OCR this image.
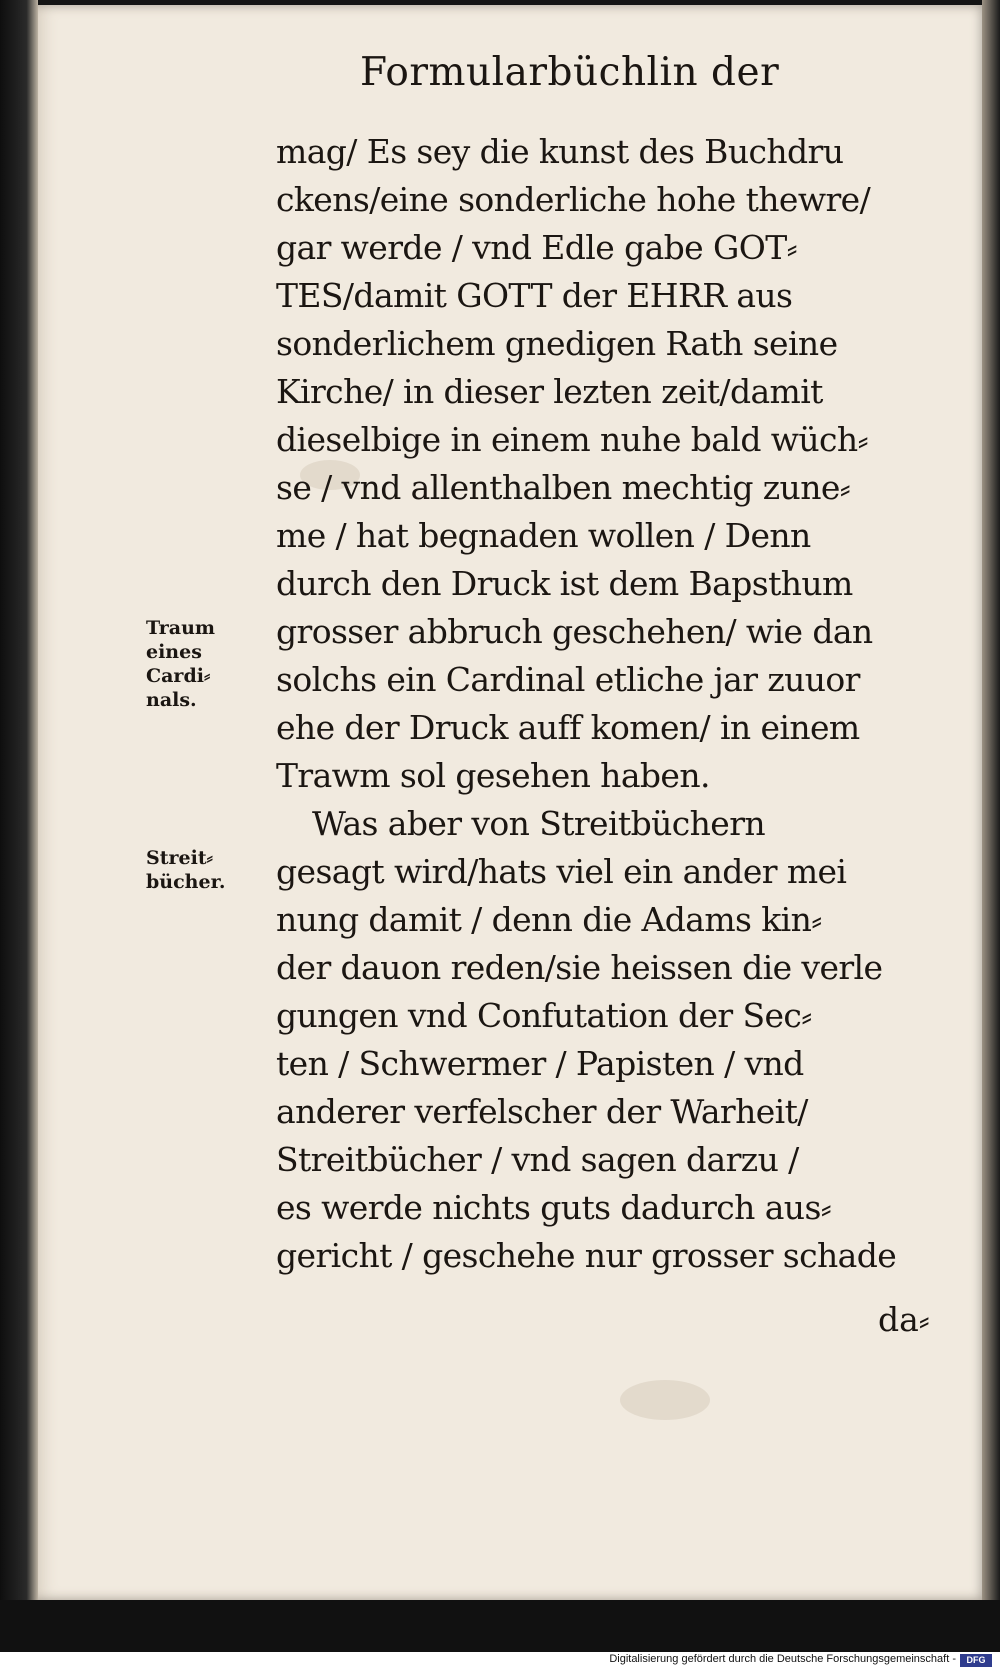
Formularbüchlin der
mag/ Es sey die kunst des Buchdru
ckens/eine sonderliche hohe thewre/
gar werde / vnd Edle gabe GOT⸗
TES/damit GOTT der EHRR aus
sonderlichem gnedigen Rath seine
Kirche/ in dieser lezten zeit/damit
dieselbige in einem nuhe bald wüch⸗
se / vnd allenthalben mechtig zune⸗
me / hat begnaden wollen / Denn
durch den Druck ist dem Bapsthum
grosser abbruch geschehen/ wie dan
solchs ein Cardinal etliche jar zuuor
ehe der Druck auff komen/ in einem
Trawm sol gesehen haben.
Was aber von Streitbüchern
gesagt wird/hats viel ein ander mei
nung damit / denn die Adams kin⸗
der dauon reden/sie heissen die verle
gungen vnd Confutation der Sec⸗
ten / Schwermer / Papisten / vnd
anderer verfelscher der Warheit/
Streitbücher / vnd sagen darzu /
es werde nichts guts dadurch aus⸗
gericht / geschehe nur grosser schade
da⸗
Traum eines Cardi⸗ nals.
Streit⸗ bücher.
Digitalisierung gefördert durch die Deutsche Forschungsgemeinschaft -	DFG
